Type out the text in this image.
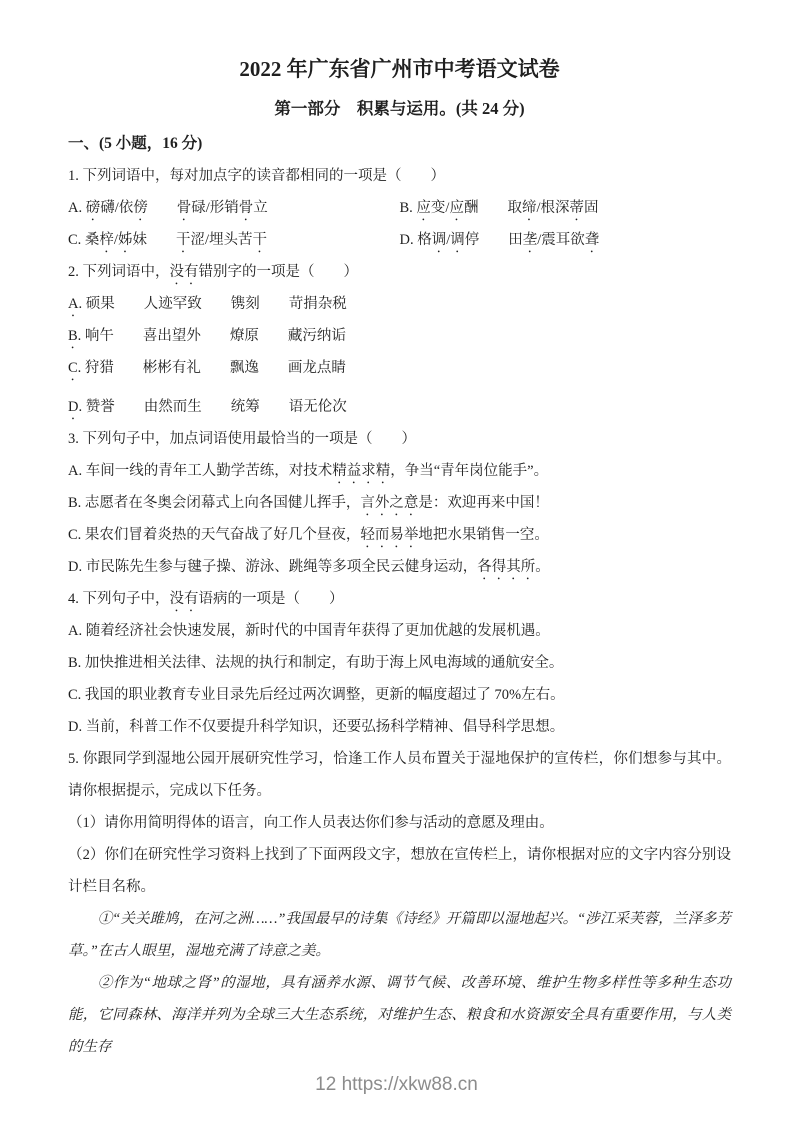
2022 年广东省广州市中考语文试卷
第一部分　积累与运用。(共 24 分)
一、(5 小题，16 分)
1. 下列词语中，每对加点字的读音都相同的一项是（　　）
A. 磅礴/依傍　　 骨碌/形销骨立	B. 应变/应酬　　取缔/根深蒂固
C. 桑梓/姊妹　　干涩/埋头苦干	D. 格调/调停　　田垄/震耳欲聋
2. 下列词语中，没有错别字的一项是（　　）
A. 硕果　　人迹罕致　　镌刻　　苛捐杂税
B. 响午　　喜出望外　　燎原　　藏污纳诟
C. 狩猎　　彬彬有礼　　飘逸　　画龙点睛
D. 赞誉　　由然而生　　统筹　　语无伦次
3. 下列句子中，加点词语使用最恰当的一项是（　　）
A. 车间一线的青年工人勤学苦练，对技术精益求精，争当“青年岗位能手”。
B. 志愿者在冬奥会闭幕式上向各国健儿挥手，言外之意是：欢迎再来中国！
C. 果农们冒着炎热的天气奋战了好几个昼夜，轻而易举地把水果销售一空。
D. 市民陈先生参与毽子操、游泳、跳绳等多项全民云健身运动，各得其所。
4. 下列句子中，没有语病的一项是（　　）
A. 随着经济社会快速发展，新时代的中国青年获得了更加优越的发展机遇。
B. 加快推进相关法律、法规的执行和制定，有助于海上风电海域的通航安全。
C. 我国的职业教育专业目录先后经过两次调整，更新的幅度超过了 70%左右。
D. 当前，科普工作不仅要提升科学知识，还要弘扬科学精神、倡导科学思想。
5. 你跟同学到湿地公园开展研究性学习，恰逢工作人员布置关于湿地保护的宣传栏，你们想参与其中。请你根据提示，完成以下任务。
（1）请你用简明得体的语言，向工作人员表达你们参与活动的意愿及理由。
（2）你们在研究性学习资料上找到了下面两段文字，想放在宣传栏上，请你根据对应的文字内容分别设计栏目名称。
①“关关雎鸠，在河之洲……”我国最早的诗集《诗经》开篇即以湿地起兴。“涉江采芙蓉，兰泽多芳草。”在古人眼里，湿地充满了诗意之美。
②作为“地球之肾”的湿地，具有涵养水源、调节气候、改善环境、维护生物多样性等多种生态功能，它同森林、海洋并列为全球三大生态系统，对维护生态、粮食和水资源安全具有重要作用，与人类的生存
12 https://xkw88.cn
